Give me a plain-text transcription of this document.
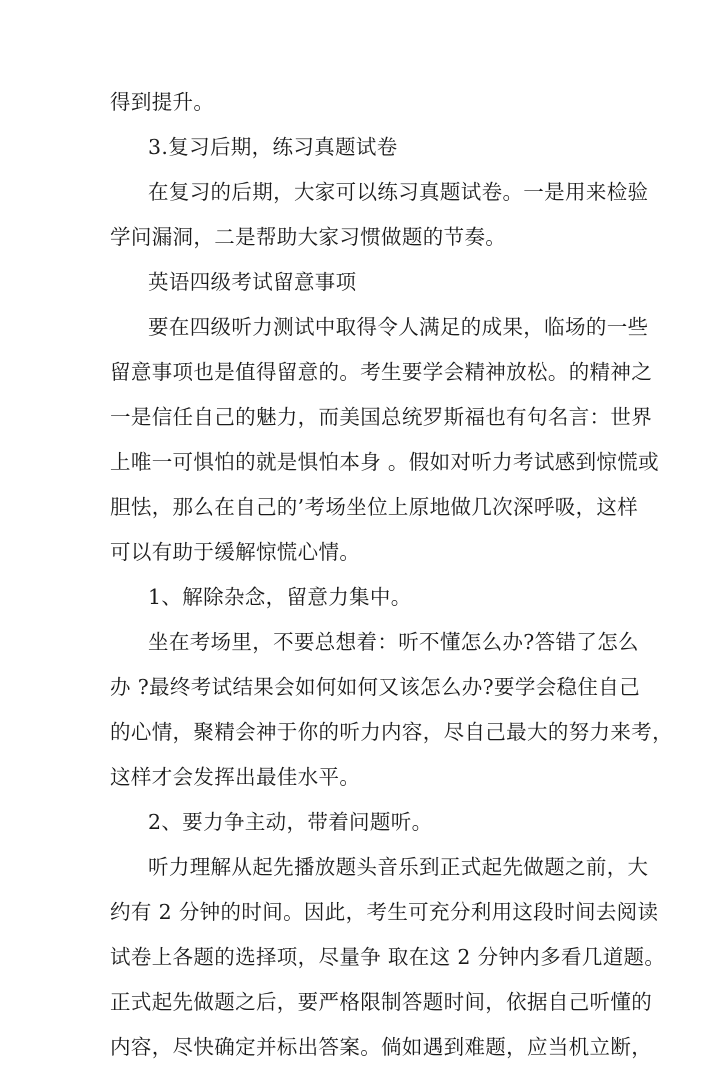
得到提升。
3.复习后期，练习真题试卷
在复习的后期，大家可以练习真题试卷。一是用来检验
学问漏洞，二是帮助大家习惯做题的节奏。
英语四级考试留意事项
要在四级听力测试中取得令人满足的成果，临场的一些
留意事项也是值得留意的。考生要学会精神放松。的精神之
一是信任自己的魅力，而美国总统罗斯福也有句名言：世界
上唯一可惧怕的就是惧怕本身 。假如对听力考试感到惊慌或
胆怯，那么在自己的’考场坐位上原地做几次深呼吸，这样
可以有助于缓解惊慌心情。
1、解除杂念，留意力集中。
坐在考场里，不要总想着：听不懂怎么办?答错了怎么
办 ?最终考试结果会如何如何又该怎么办?要学会稳住自己
的心情，聚精会神于你的听力内容，尽自己最大的努力来考，
这样才会发挥出最佳水平。
2、要力争主动，带着问题听。
听力理解从起先播放题头音乐到正式起先做题之前，大
约有 2 分钟的时间。因此，考生可充分利用这段时间去阅读
试卷上各题的选择项，尽量争 取在这 2 分钟内多看几道题。
正式起先做题之后，要严格限制答题时间，依据自己听懂的
内容，尽快确定并标出答案。倘如遇到难题，应当机立断，
